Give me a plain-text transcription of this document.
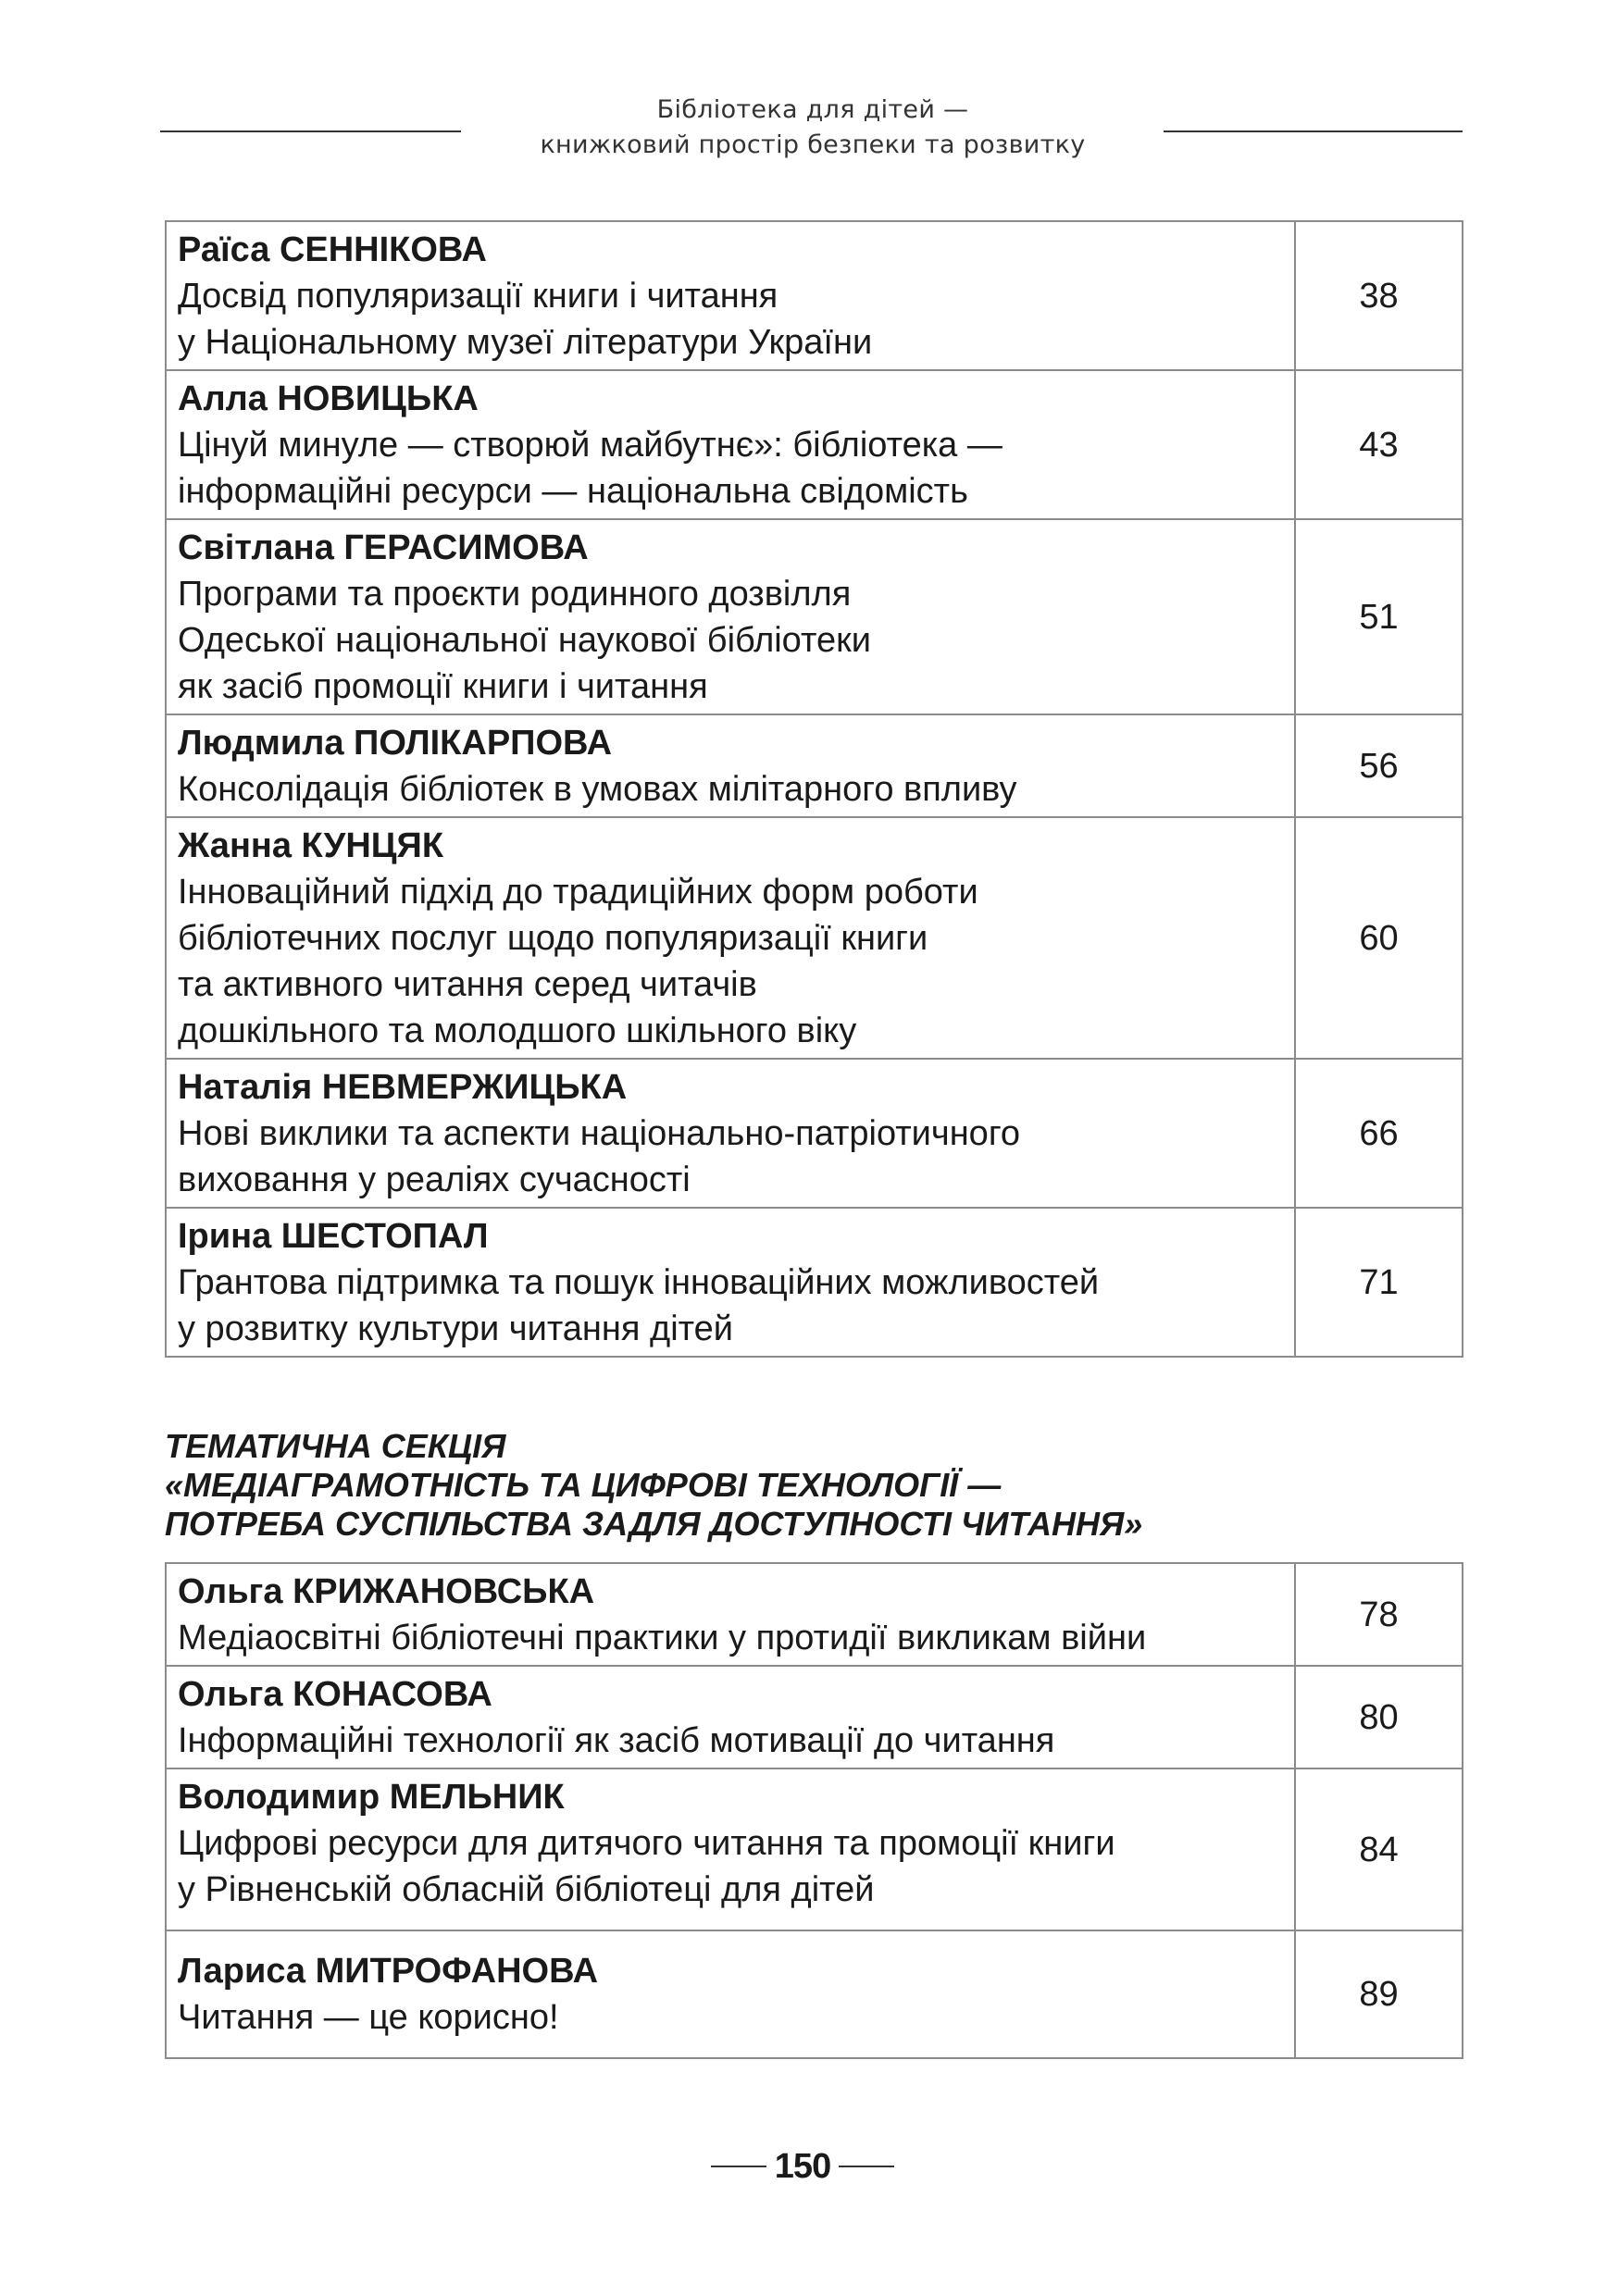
Бібліотека для дітей —
книжковий простір безпеки та розвитку
Раїса СЕННІКОВА
Досвід популяризації книги і читання
у Національному музеї літератури України	38

Алла НОВИЦЬКА
Цінуй минуле — створюй майбутнє»: бібліотека —
інформаційні ресурси — національна свідомість	43

Світлана ГЕРАСИМОВА
Програми та проєкти родинного дозвілля
Одеської національної наукової бібліотеки
як засіб промоції книги і читання	51

Людмила ПОЛІКАРПОВА
Консолідація бібліотек в умовах мілітарного впливу	56

Жанна КУНЦЯК
Інноваційний підхід до традиційних форм роботи
бібліотечних послуг щодо популяризації книги
та активного читання серед читачів
дошкільного та молодшого шкільного віку	60

Наталія НЕВМЕРЖИЦЬКА
Нові виклики та аспекти національно-патріотичного
виховання у реаліях сучасності	66

Ірина ШЕСТОПАЛ
Грантова підтримка та пошук інноваційних можливостей
у розвитку культури читання дітей	71
ТЕМАТИЧНА СЕКЦІЯ
«МЕДІАГРАМОТНІСТЬ ТА ЦИФРОВІ ТЕХНОЛОГІЇ —
ПОТРЕБА СУСПІЛЬСТВА ЗАДЛЯ ДОСТУПНОСТІ ЧИТАННЯ»
Ольга КРИЖАНОВСЬКА
Медіаосвітні бібліотечні практики у протидії викликам війни	78

Ольга КОНАСОВА
Інформаційні технології як засіб мотивації до читання	80

Володимир МЕЛЬНИК
Цифрові ресурси для дитячого читання та промоції книги
у Рівненській обласній бібліотеці для дітей	84

Лариса МИТРОФАНОВА
Читання — це корисно!	89
150
